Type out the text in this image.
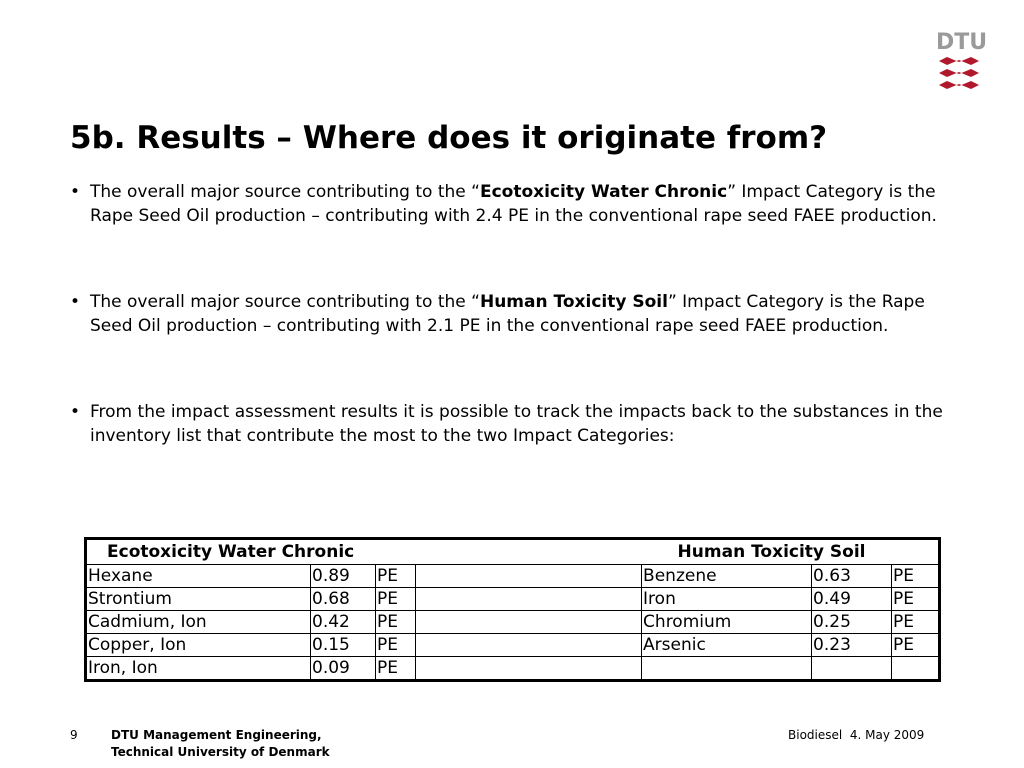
DTU
5b. Results – Where does it originate from?
• The overall major source contributing to the “Ecotoxicity Water Chronic” Impact Category is the Rape Seed Oil production – contributing with 2.4 PE in the conventional rape seed FAEE production.
• The overall major source contributing to the “Human Toxicity Soil” Impact Category is the Rape Seed Oil production – contributing with 2.1 PE in the conventional rape seed FAEE production.
• From the impact assessment results it is possible to track the impacts back to the substances in the inventory list that contribute the most to the two Impact Categories:
Ecotoxicity Water Chronic				Human Toxicity Soil		
Hexane	0.89	PE		Benzene	0.63	PE
Strontium	0.68	PE		Iron	0.49	PE
Cadmium, Ion	0.42	PE		Chromium	0.25	PE
Copper, Ion	0.15	PE		Arsenic	0.23	PE
Iron, Ion	0.09	PE				
9	DTU Management Engineering,
Technical University of Denmark
Biodiesel 4. May 2009
